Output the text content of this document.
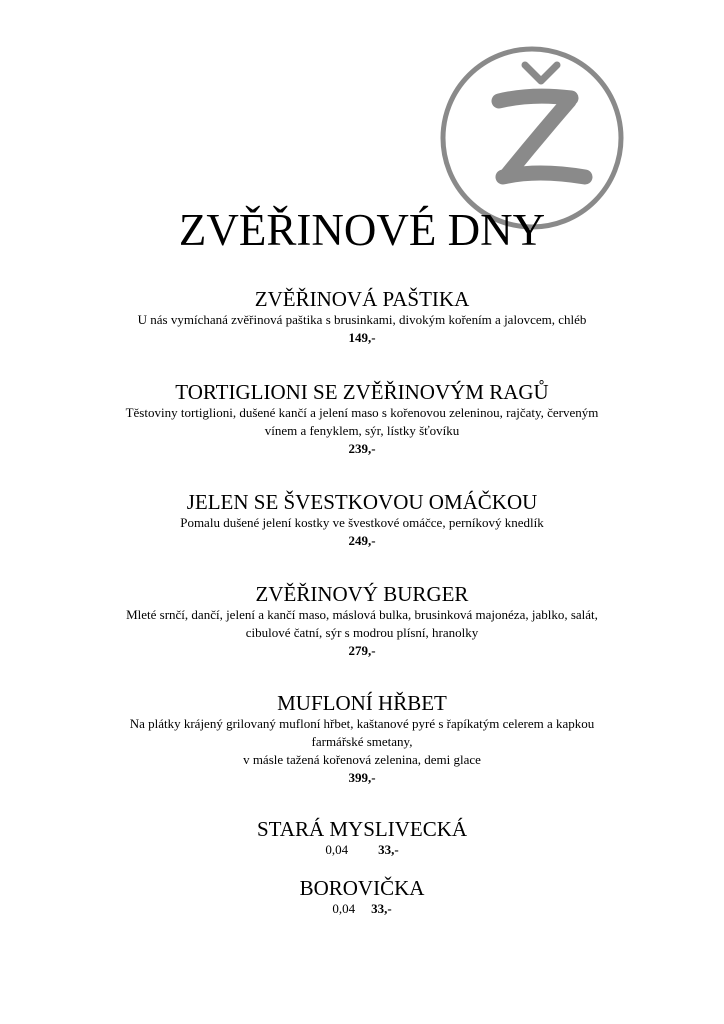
ZVĚŘINOVÉ DNY
ZVĚŘINOVÁ PAŠTIKA
U nás vymíchaná zvěřinová paštika s brusinkami, divokým kořením a jalovcem, chléb
149,-
TORTIGLIONI SE ZVĚŘINOVÝM RAGŮ
Těstoviny tortiglioni, dušené kančí a jelení maso s kořenovou zeleninou, rajčaty, červeným
vínem a fenyklem, sýr, lístky šťovíku
239,-
JELEN SE ŠVESTKOVOU OMÁČKOU
Pomalu dušené jelení kostky ve švestkové omáčce, perníkový knedlík
249,-
ZVĚŘINOVÝ BURGER
Mleté srnčí, dančí, jelení a kančí maso, máslová bulka, brusinková majonéza, jablko, salát,
cibulové čatní, sýr s modrou plísní, hranolky
279,-
MUFLONÍ HŘBET
Na plátky krájený grilovaný mufloní hřbet, kaštanové pyré s řapíkatým celerem a kapkou
farmářské smetany,
v másle tažená kořenová zelenina, demi glace
399,-
STARÁ MYSLIVECKÁ
0,04 33,-
BOROVIČKA
0,04 33,-
